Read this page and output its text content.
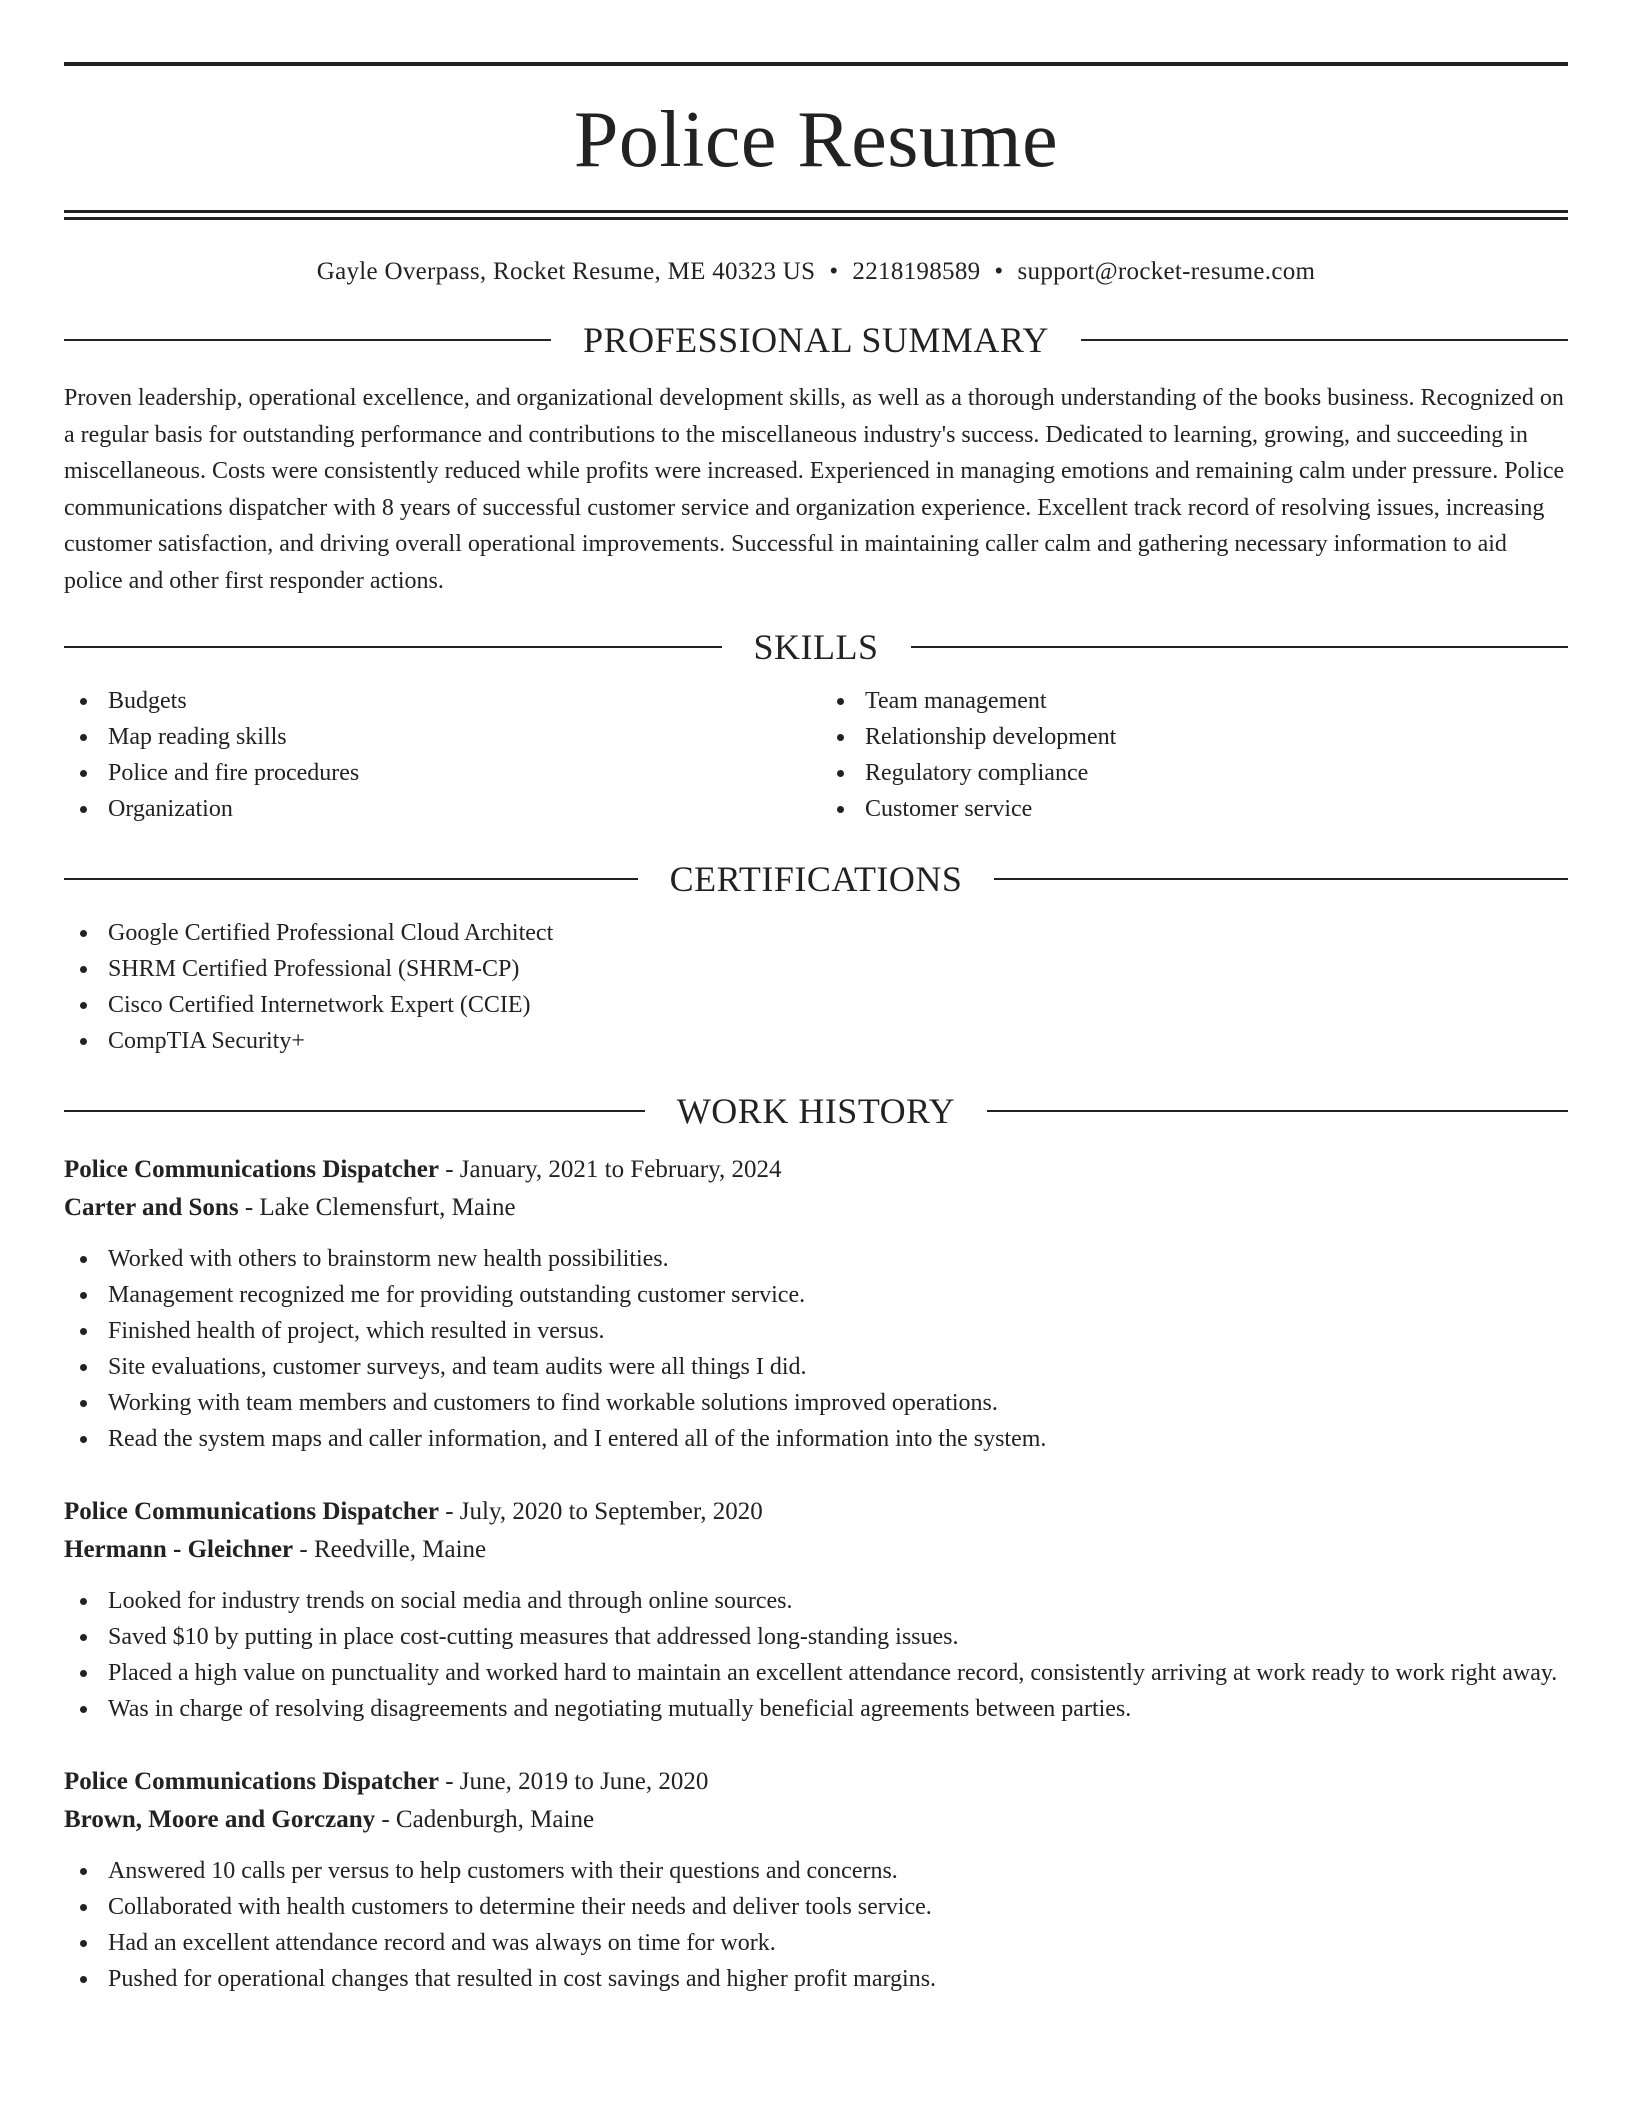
Police Resume
Gayle Overpass, Rocket Resume, ME 40323 US • 2218198589 • support@rocket-resume.com
PROFESSIONAL SUMMARY

Proven leadership, operational excellence, and organizational development skills, as well as a thorough understanding of the books business. Recognized on a regular basis for outstanding performance and contributions to the miscellaneous industry's success. Dedicated to learning, growing, and succeeding in miscellaneous. Costs were consistently reduced while profits were increased. Experienced in managing emotions and remaining calm under pressure. Police communications dispatcher with 8 years of successful customer service and organization experience. Excellent track record of resolving issues, increasing customer satisfaction, and driving overall operational improvements. Successful in maintaining caller calm and gathering necessary information to aid police and other first responder actions.

SKILLS
Budgets
Map reading skills
Police and fire procedures
Organization
Team management
Relationship development
Regulatory compliance
Customer service
CERTIFICATIONS
Google Certified Professional Cloud Architect
SHRM Certified Professional (SHRM-CP)
Cisco Certified Internetwork Expert (CCIE)
CompTIA Security+
WORK HISTORY
Police Communications Dispatcher - January, 2021 to February, 2024
Carter and Sons - Lake Clemensfurt, Maine
Worked with others to brainstorm new health possibilities.
Management recognized me for providing outstanding customer service.
Finished health of project, which resulted in versus.
Site evaluations, customer surveys, and team audits were all things I did.
Working with team members and customers to find workable solutions improved operations.
Read the system maps and caller information, and I entered all of the information into the system.
Police Communications Dispatcher - July, 2020 to September, 2020
Hermann - Gleichner - Reedville, Maine
Looked for industry trends on social media and through online sources.
Saved $10 by putting in place cost-cutting measures that addressed long-standing issues.
Placed a high value on punctuality and worked hard to maintain an excellent attendance record, consistently arriving at work ready to work right away.
Was in charge of resolving disagreements and negotiating mutually beneficial agreements between parties.
Police Communications Dispatcher - June, 2019 to June, 2020
Brown, Moore and Gorczany - Cadenburgh, Maine
Answered 10 calls per versus to help customers with their questions and concerns.
Collaborated with health customers to determine their needs and deliver tools service.
Had an excellent attendance record and was always on time for work.
Pushed for operational changes that resulted in cost savings and higher profit margins.
